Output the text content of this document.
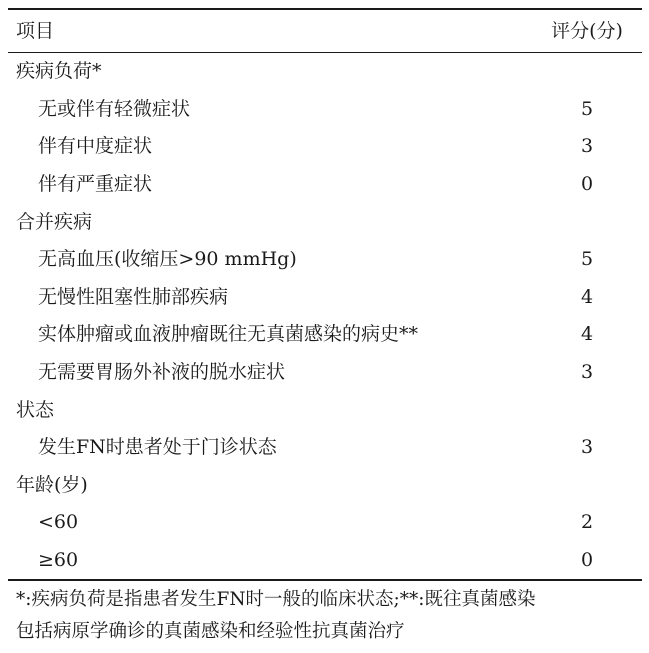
项目	评分(分)
疾病负荷*
无或伴有轻微症状	5
伴有中度症状	3
伴有严重症状	0
合并疾病
无高血压(收缩压>90 mmHg)	5
无慢性阻塞性肺部疾病	4
实体肿瘤或血液肿瘤既往无真菌感染的病史**	4
无需要胃肠外补液的脱水症状	3
状态
发生FN时患者处于门诊状态	3
年龄(岁)
<60	2
≥60	0

*:疾病负荷是指患者发生FN时一般的临床状态;**:既往真菌感染

包括病原学确诊的真菌感染和经验性抗真菌治疗
